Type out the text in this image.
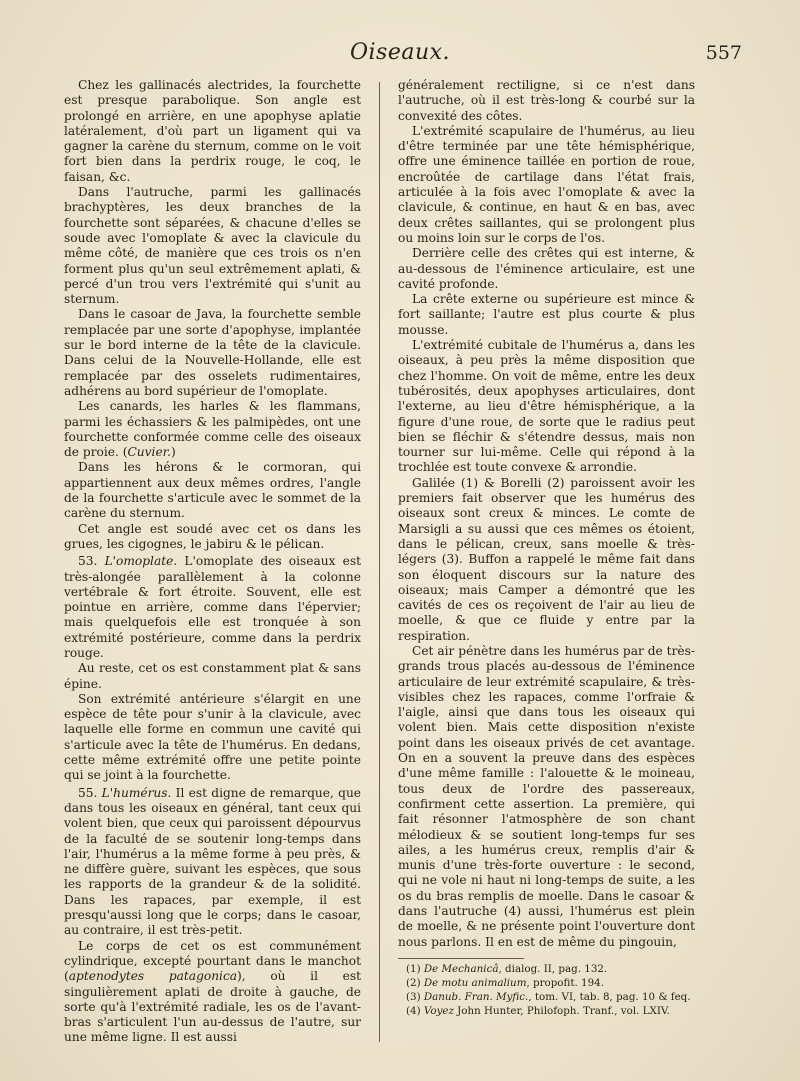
Oiseaux.	557

Chez les gallinacés alectrides, la fourchette est presque parabolique. Son angle est prolongé en arrière, en une apophyse aplatie latéralement, d'où part un ligament qui va gagner la carène du sternum, comme on le voit fort bien dans la perdrix rouge, le coq, le faisan, &c.

Dans l'autruche, parmi les gallinacés brachyptères, les deux branches de la fourchette sont séparées, & chacune d'elles se soude avec l'omoplate & avec la clavicule du même côté, de manière que ces trois os n'en forment plus qu'un seul extrêmement aplati, & percé d'un trou vers l'extrémité qui s'unit au sternum.

Dans le casoar de Java, la fourchette semble remplacée par une sorte d'apophyse, implantée sur le bord interne de la tête de la clavicule. Dans celui de la Nouvelle-Hollande, elle est remplacée par des osselets rudimentaires, adhérens au bord supérieur de l'omoplate.

Les canards, les harles & les flammans, parmi les échassiers & les palmipèdes, ont une fourchette conformée comme celle des oiseaux de proie. (Cuvier.)

Dans les hérons & le cormoran, qui appartiennent aux deux mêmes ordres, l'angle de la fourchette s'articule avec le sommet de la carène du sternum.

Cet angle est soudé avec cet os dans les grues, les cigognes, le jabiru & le pélican.

53. L'omoplate. L'omoplate des oiseaux est très-alongée parallèlement à la colonne vertébrale & fort étroite. Souvent, elle est pointue en arrière, comme dans l'épervier; mais quelquefois elle est tronquée à son extrémité postérieure, comme dans la perdrix rouge.

Au reste, cet os est constamment plat & sans épine.

Son extrémité antérieure s'élargit en une espèce de tête pour s'unir à la clavicule, avec laquelle elle forme en commun une cavité qui s'articule avec la tête de l'humérus. En dedans, cette même extrémité offre une petite pointe qui se joint à la fourchette.

55. L'humérus. Il est digne de remarque, que dans tous les oiseaux en général, tant ceux qui volent bien, que ceux qui paroissent dépourvus de la faculté de se soutenir long-temps dans l'air, l'humérus a la même forme à peu près, & ne diffère guère, suivant les espèces, que sous les rapports de la grandeur & de la solidité. Dans les rapaces, par exemple, il est presqu'aussi long que le corps; dans le casoar, au contraire, il est très-petit.

Le corps de cet os est communément cylindrique, excepté pourtant dans le manchot (aptenodytes patagonica), où il est singulièrement aplati de droite à gauche, de sorte qu'à l'extrémité radiale, les os de l'avant-bras s'articulent l'un au-dessus de l'autre, sur une même ligne. Il est aussi

généralement rectiligne, si ce n'est dans l'autruche, où il est très-long & courbé sur la convexité des côtes.

L'extrémité scapulaire de l'humérus, au lieu d'être terminée par une tête hémisphérique, offre une éminence taillée en portion de roue, encroûtée de cartilage dans l'état frais, articulée à la fois avec l'omoplate & avec la clavicule, & continue, en haut & en bas, avec deux crêtes saillantes, qui se prolongent plus ou moins loin sur le corps de l'os.

Derrière celle des crêtes qui est interne, & au-dessous de l'éminence articulaire, est une cavité profonde.

La crête externe ou supérieure est mince & fort saillante; l'autre est plus courte & plus mousse.

L'extrémité cubitale de l'humérus a, dans les oiseaux, à peu près la même disposition que chez l'homme. On voit de même, entre les deux tubérosités, deux apophyses articulaires, dont l'externe, au lieu d'être hémisphérique, a la figure d'une roue, de sorte que le radius peut bien se fléchir & s'étendre dessus, mais non tourner sur lui-même. Celle qui répond à la trochlée est toute convexe & arrondie.

Galilée (1) & Borelli (2) paroissent avoir les premiers fait observer que les humérus des oiseaux sont creux & minces. Le comte de Marsigli a su aussi que ces mêmes os étoient, dans le pélican, creux, sans moelle & très-légers (3). Buffon a rappelé le même fait dans son éloquent discours sur la nature des oiseaux; mais Camper a démontré que les cavités de ces os reçoivent de l'air au lieu de moelle, & que ce fluide y entre par la respiration.

Cet air pénètre dans les humérus par de très-grands trous placés au-dessous de l'éminence articulaire de leur extrémité scapulaire, & très-visibles chez les rapaces, comme l'orfraie & l'aigle, ainsi que dans tous les oiseaux qui volent bien. Mais cette disposition n'existe point dans les oiseaux privés de cet avantage. On en a souvent la preuve dans des espèces d'une même famille : l'alouette & le moineau, tous deux de l'ordre des passereaux, confirment cette assertion. La première, qui fait résonner l'atmosphère de son chant mélodieux & se soutient long-temps fur ses ailes, a les humérus creux, remplis d'air & munis d'une très-forte ouverture : le second, qui ne vole ni haut ni long-temps de suite, a les os du bras remplis de moelle. Dans le casoar & dans l'autruche (4) aussi, l'humérus est plein de moelle, & ne présente point l'ouverture dont nous parlons. Il en est de même du pingouin,

(1) De Mechanicâ, dialog. II, pag. 132.
(2) De motu animalium, propofit. 194.
(3) Danub. Fran. Myfic., tom. VI, tab. 8, pag. 10 & feq.
(4) Voyez John Hunter, Philofoph. Tranf., vol. LXIV.
